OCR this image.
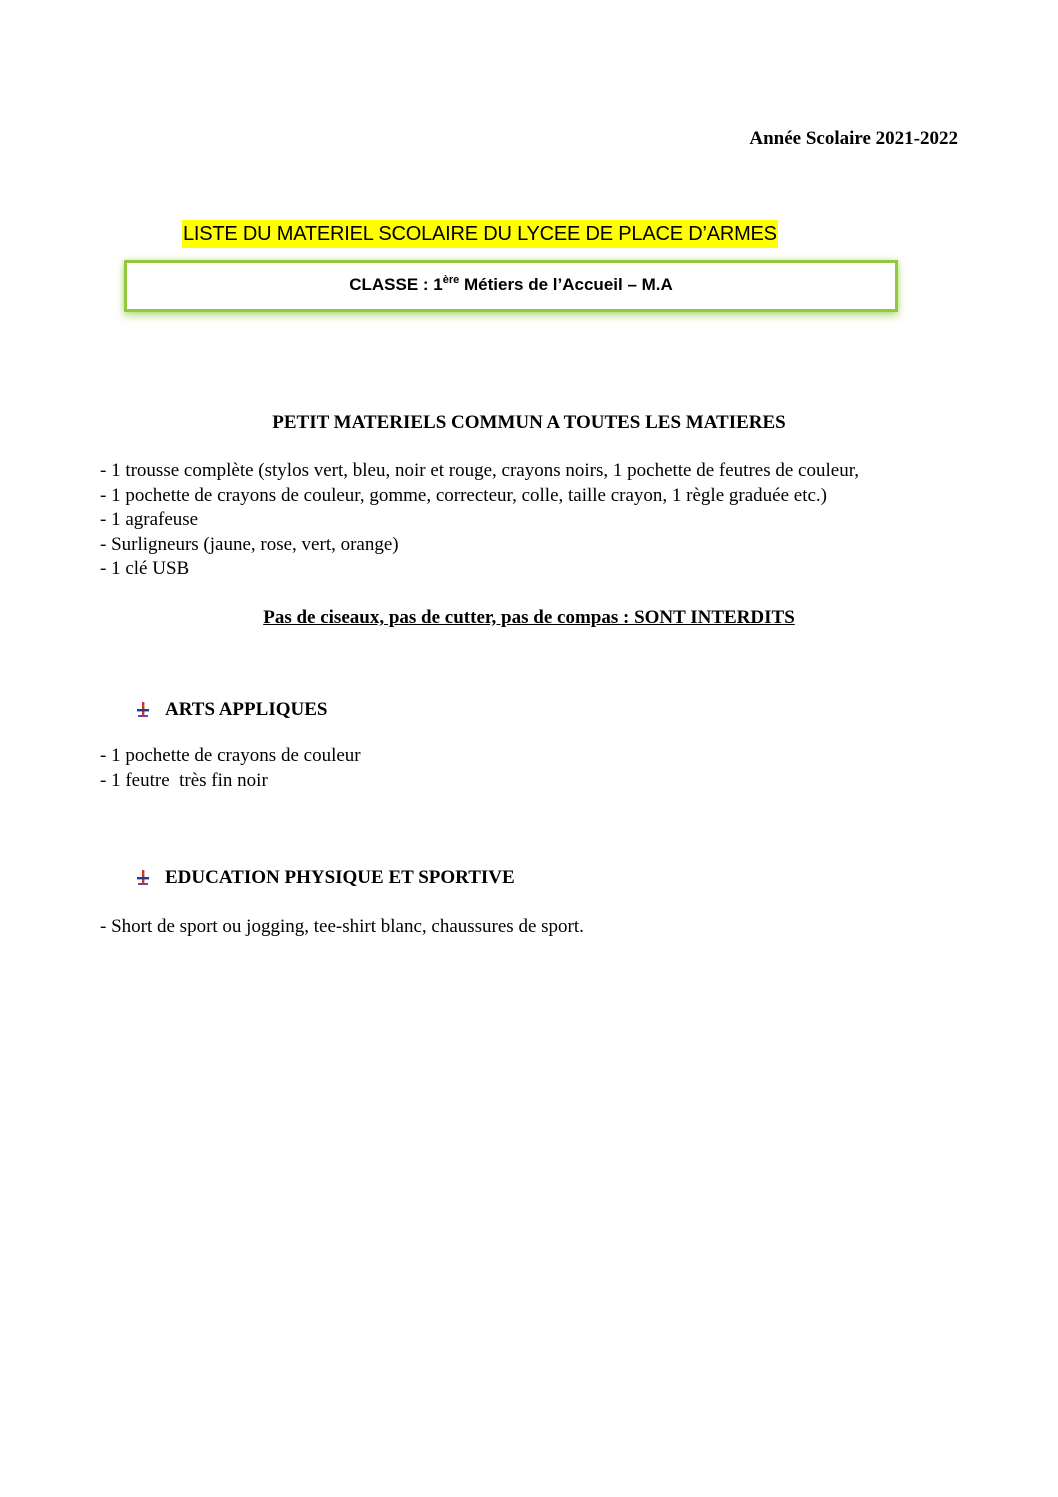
Année Scolaire 2021-2022
LISTE DU MATERIEL SCOLAIRE DU LYCEE DE PLACE D’ARMES
CLASSE : 1ère Métiers de l’Accueil – M.A
PETIT MATERIELS COMMUN A TOUTES LES MATIERES
- 1 trousse complète (stylos vert, bleu, noir et rouge, crayons noirs, 1 pochette de feutres de couleur,
- 1 pochette de crayons de couleur, gomme, correcteur, colle, taille crayon, 1 règle graduée etc.)
- 1 agrafeuse
- Surligneurs (jaune, rose, vert, orange)
- 1 clé USB
Pas de ciseaux, pas de cutter, pas de compas : SONT INTERDITS
ARTS APPLIQUES
- 1 pochette de crayons de couleur
- 1 feutre  très fin noir
EDUCATION PHYSIQUE ET SPORTIVE
- Short de sport ou jogging, tee-shirt blanc, chaussures de sport.
